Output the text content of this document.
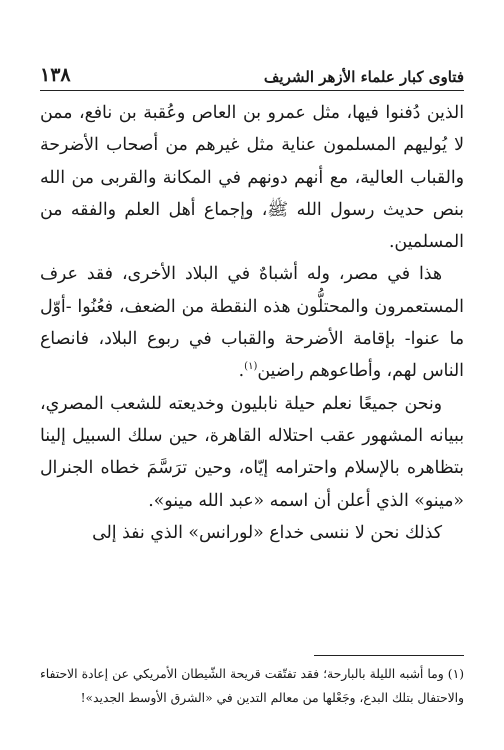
١٣٨	فتاوى كبار علماء الأزهر الشريف

الذين دُفنوا فيها، مثل عمرو بن العاص وعُقبة بن نافع، ممن لا يُوليهم المسلمون عناية مثل غيرهم من أصحاب الأضرحة والقباب العالية، مع أنهم دونهم في المكانة والقربى من الله بنص حديث رسول الله ﷺ، وإجماع أهل العلم والفقه من المسلمين.

هذا في مصر، وله أشباهٌ في البلاد الأخرى، فقد عرف المستعمرون والمحتلُّون هذه النقطة من الضعف، فعُنُوا -أوّل ما عنوا- بإقامة الأضرحة والقباب في ربوع البلاد، فانصاع الناس لهم، وأطاعوهم راضين$^{(١)}$.

ونحن جميعًا نعلم حيلة نابليون وخديعته للشعب المصري، ببيانه المشهور عقب احتلاله القاهرة، حين سلك السبيل إلينا بتظاهره بالإسلام واحترامه إيّاه، وحين ترَسَّمَ خطاه الجنرال «مينو» الذي أعلن أن اسمه «عبد الله مينو».

كذلك نحن لا ننسى خداع «لورانس» الذي نفذ إلى

(١) وما أشبه الليلة بالبارحة؛ فقد تفتّقت قريحة الشّيطان الأمريكي عن إعادة الاحتفاء والاحتفال بتلك البدع، وجَعْلها من معالم التدين في «الشرق الأوسط الجديد»!
